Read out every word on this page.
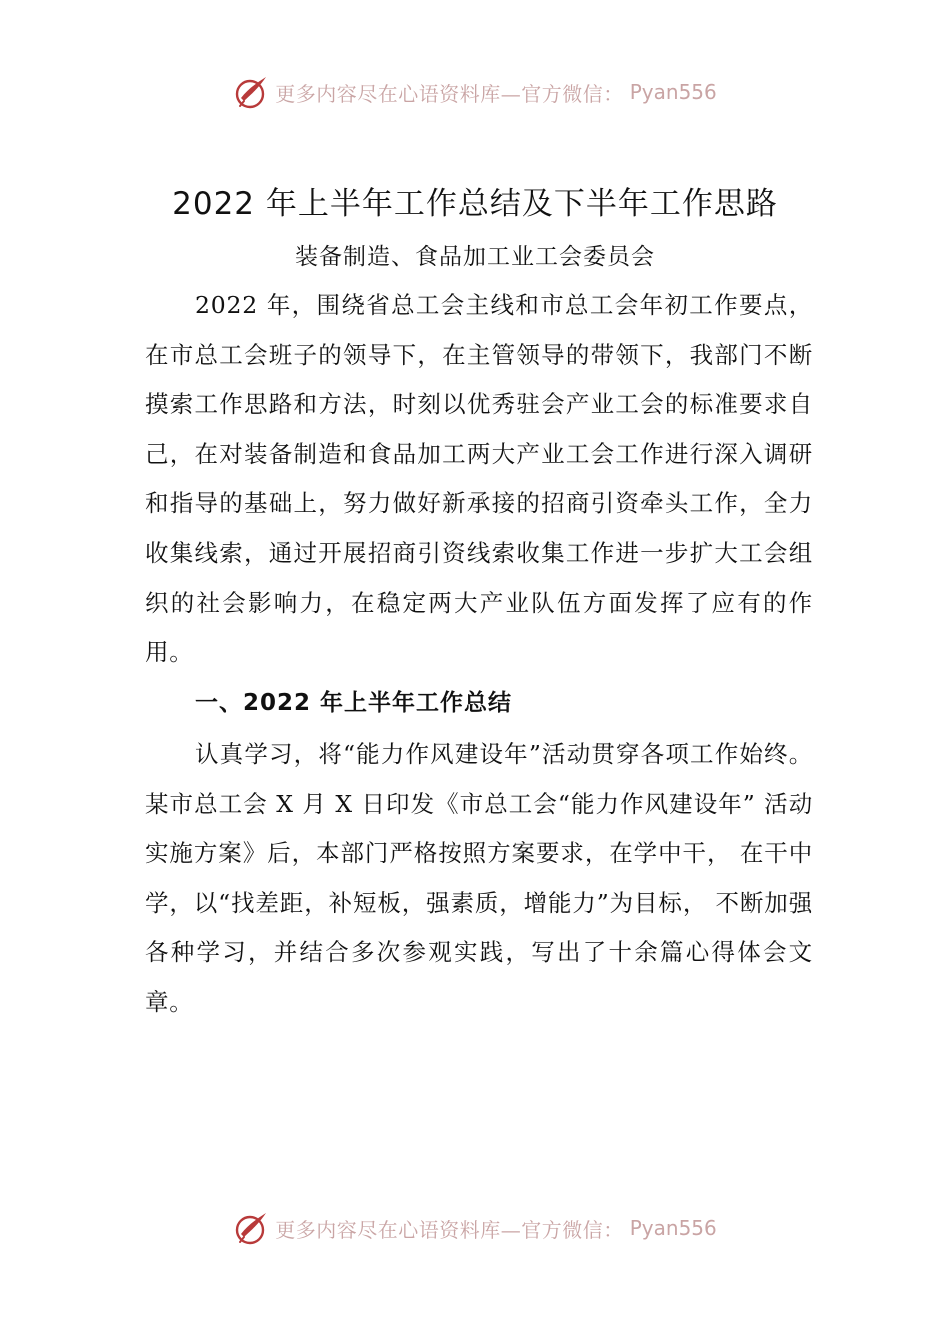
更多内容尽在心语资料库—官方微信： Pyan556
2022 年上半年工作总结及下半年工作思路

装备制造、食品加工业工会委员会

2022 年，围绕省总工会主线和市总工会年初工作要点，在市总工会班子的领导下，在主管领导的带领下，我部门不断摸索工作思路和方法，时刻以优秀驻会产业工会的标准要求自己，在对装备制造和食品加工两大产业工会工作进行深入调研和指导的基础上，努力做好新承接的招商引资牵头工作，全力收集线索，通过开展招商引资线索收集工作进一步扩大工会组织的社会影响力，在稳定两大产业队伍方面发挥了应有的作用。

一、2022 年上半年工作总结

认真学习，将“能力作风建设年”活动贯穿各项工作始终。某市总工会 X 月 X 日印发《市总工会“能力作风建设年” 活动实施方案》后，本部门严格按照方案要求，在学中干， 在干中学，以“找差距，补短板，强素质，增能力”为目标， 不断加强各种学习，并结合多次参观实践，写出了十余篇心得体会文章。

更多内容尽在心语资料库—官方微信： Pyan556
